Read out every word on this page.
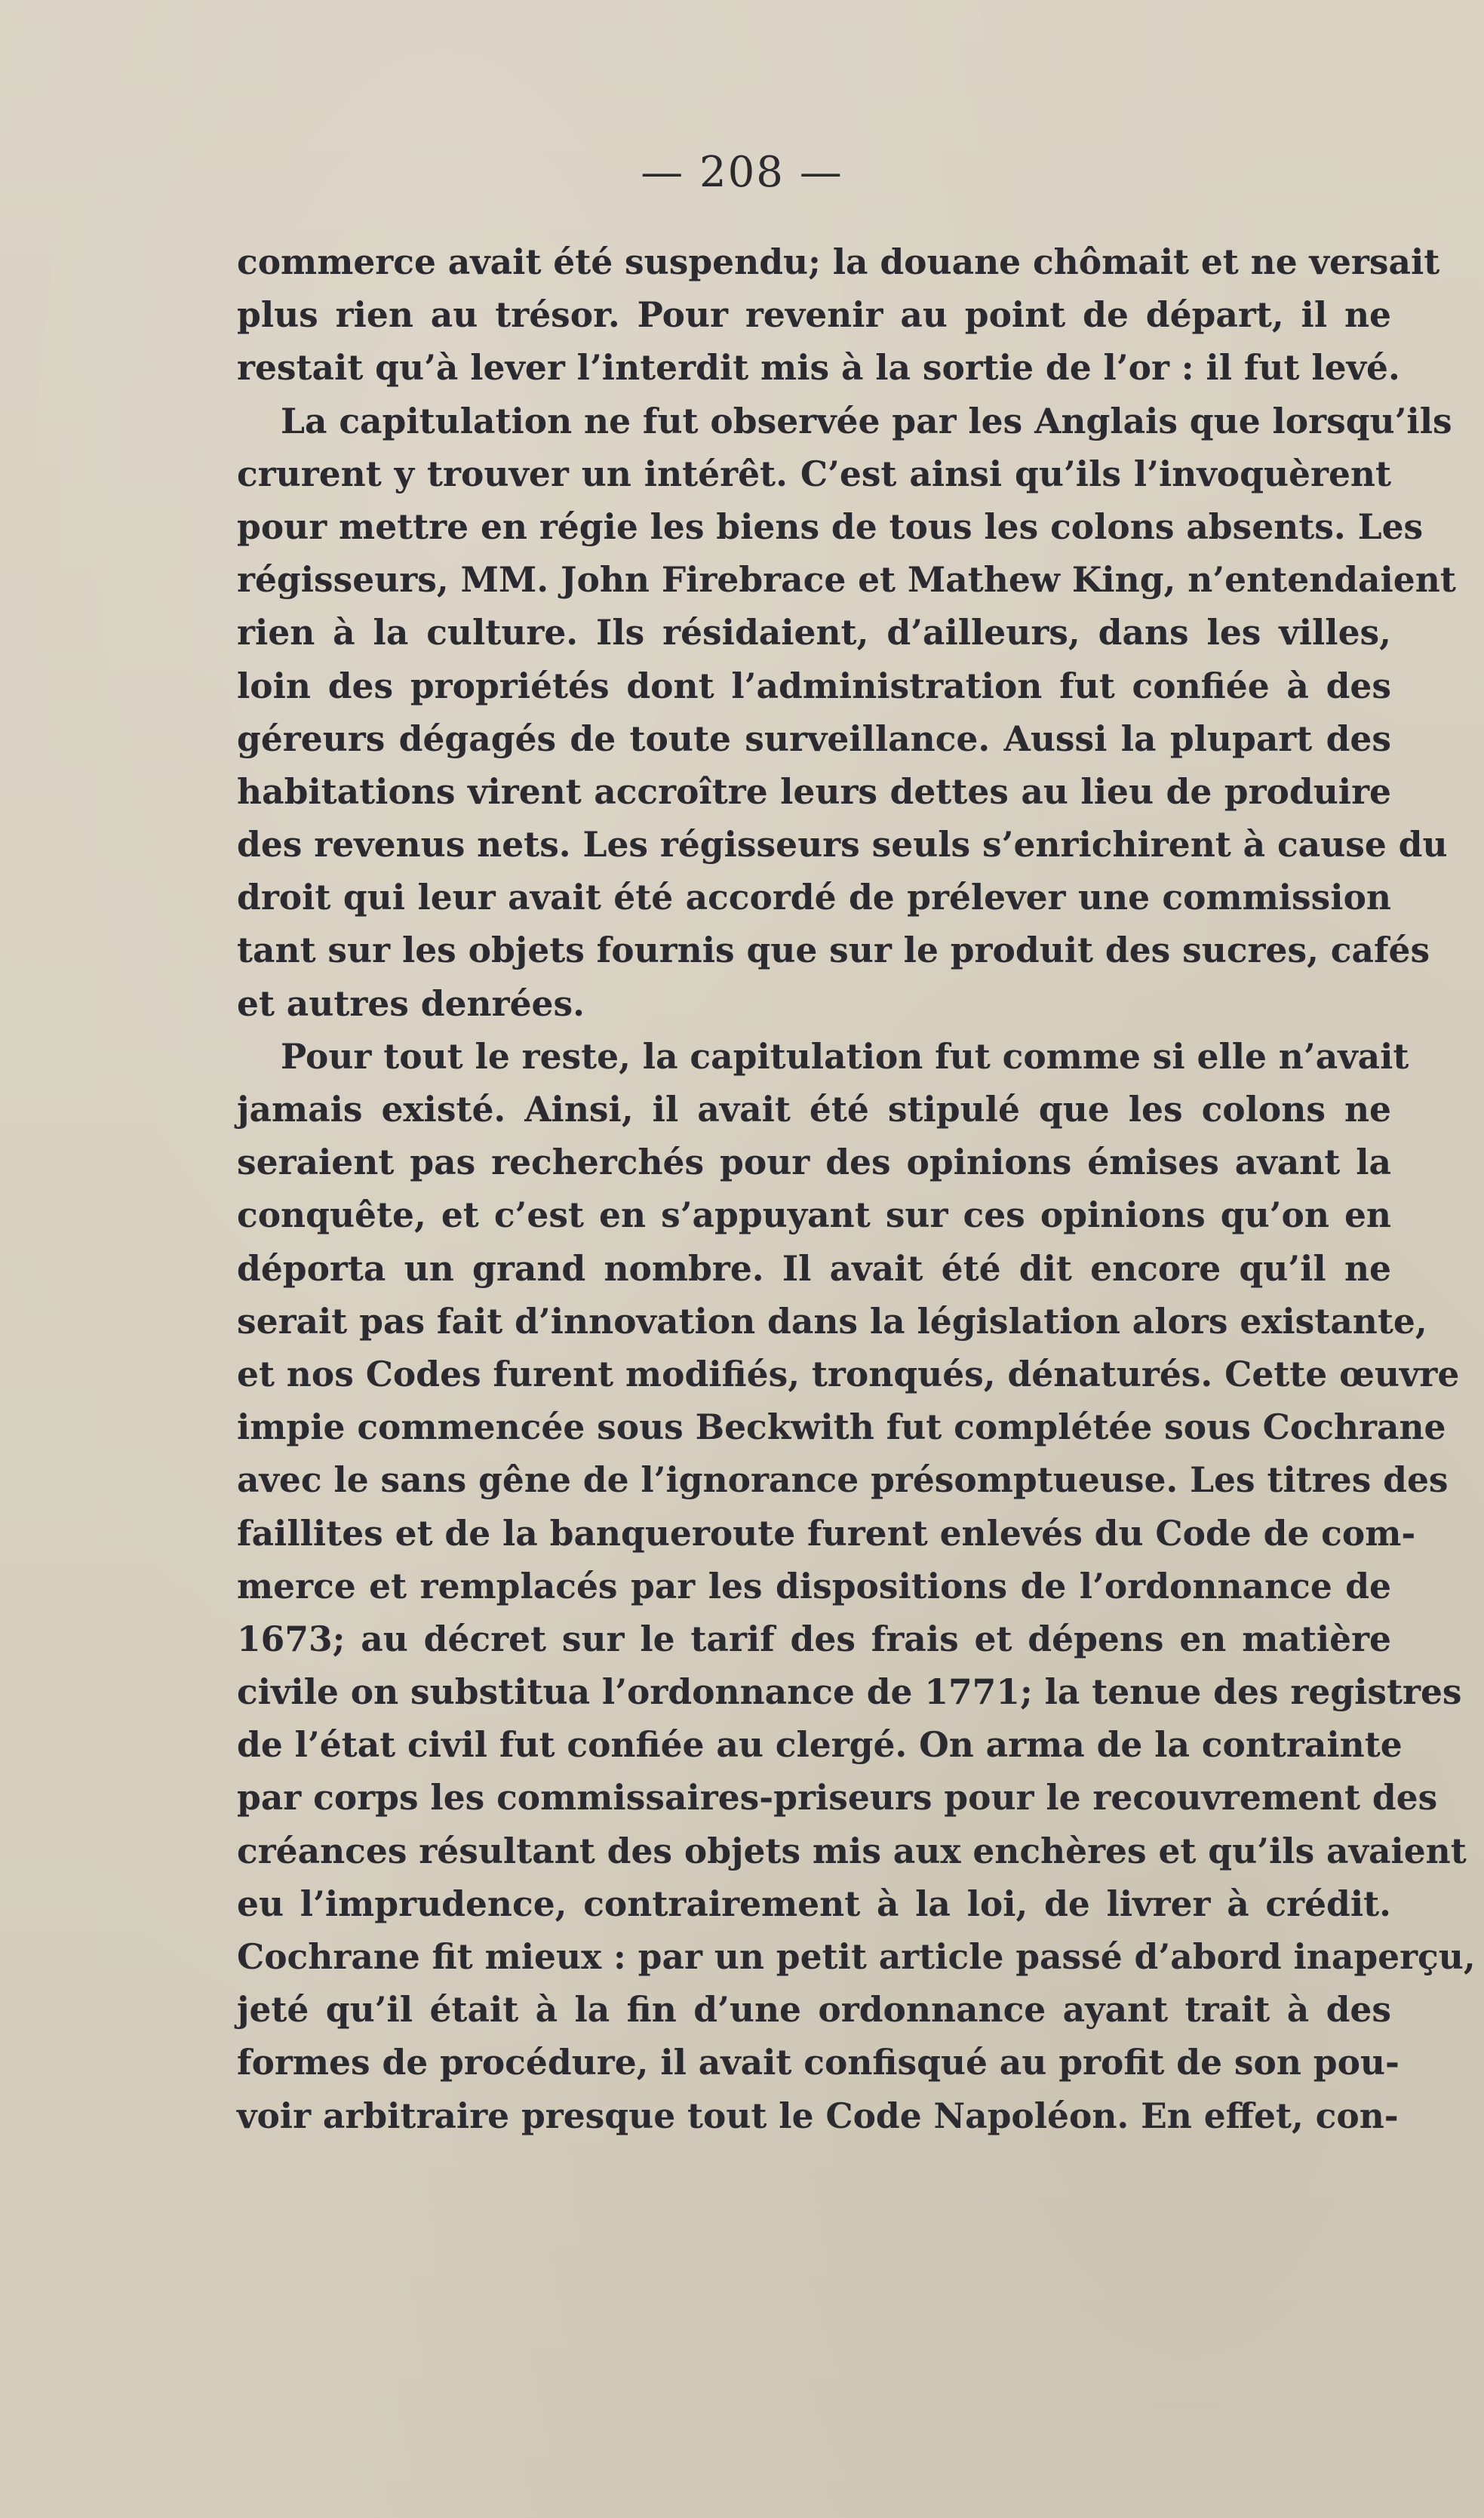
— 208 —
commerce avait été suspendu; la douane chômait et ne versait
plus rien au trésor. Pour revenir au point de départ, il ne
restait qu’à lever l’interdit mis à la sortie de l’or : il fut levé.
La capitulation ne fut observée par les Anglais que lorsqu’ils
crurent y trouver un intérêt. C’est ainsi qu’ils l’invoquèrent
pour mettre en régie les biens de tous les colons absents. Les
régisseurs, MM. John Firebrace et Mathew King, n’entendaient
rien à la culture. Ils résidaient, d’ailleurs, dans les villes,
loin des propriétés dont l’administration fut confiée à des
géreurs dégagés de toute surveillance. Aussi la plupart des
habitations virent accroître leurs dettes au lieu de produire
des revenus nets. Les régisseurs seuls s’enrichirent à cause du
droit qui leur avait été accordé de prélever une commission
tant sur les objets fournis que sur le produit des sucres, cafés
et autres denrées.
Pour tout le reste, la capitulation fut comme si elle n’avait
jamais existé. Ainsi, il avait été stipulé que les colons ne
seraient pas recherchés pour des opinions émises avant la
conquête, et c’est en s’appuyant sur ces opinions qu’on en
déporta un grand nombre. Il avait été dit encore qu’il ne
serait pas fait d’innovation dans la législation alors existante,
et nos Codes furent modifiés, tronqués, dénaturés. Cette œuvre
impie commencée sous Beckwith fut complétée sous Cochrane
avec le sans gêne de l’ignorance présomptueuse. Les titres des
faillites et de la banqueroute furent enlevés du Code de com-
merce et remplacés par les dispositions de l’ordonnance de
1673; au décret sur le tarif des frais et dépens en matière
civile on substitua l’ordonnance de 1771; la tenue des registres
de l’état civil fut confiée au clergé. On arma de la contrainte
par corps les commissaires-priseurs pour le recouvrement des
créances résultant des objets mis aux enchères et qu’ils avaient
eu l’imprudence, contrairement à la loi, de livrer à crédit.
Cochrane fit mieux : par un petit article passé d’abord inaperçu,
jeté qu’il était à la fin d’une ordonnance ayant trait à des
formes de procédure, il avait confisqué au profit de son pou-
voir arbitraire presque tout le Code Napoléon. En effet, con-
